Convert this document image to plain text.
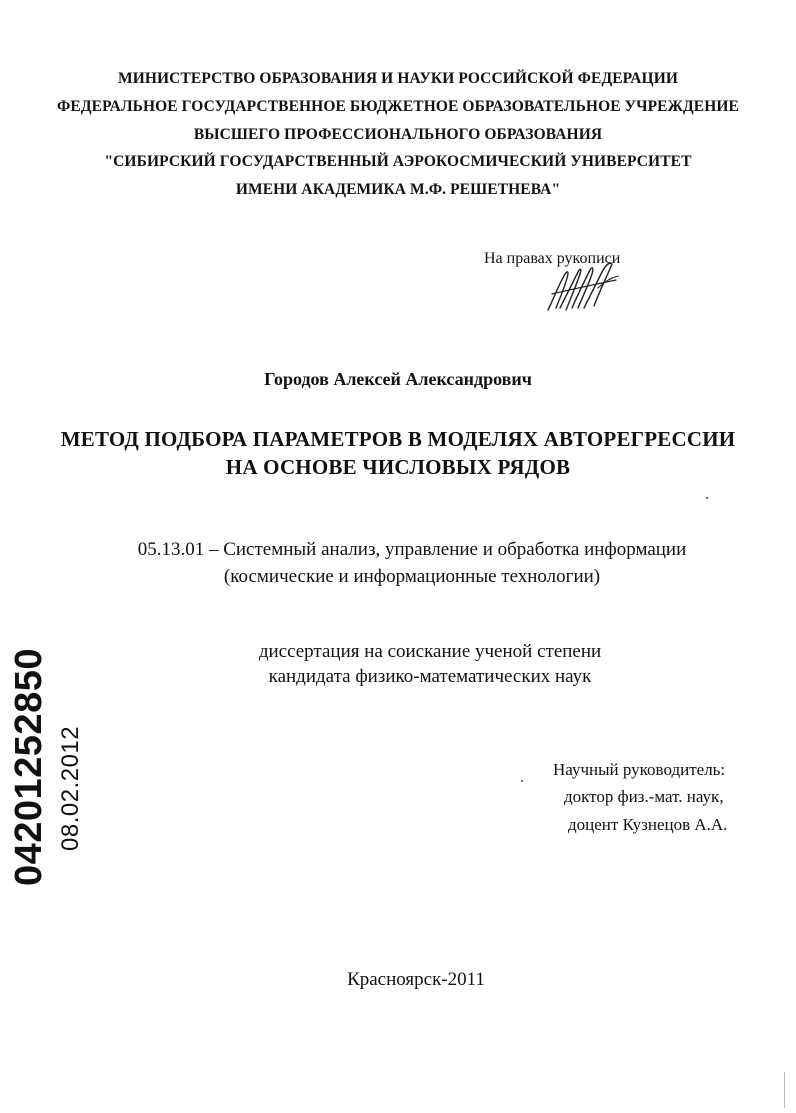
МИНИСТЕРСТВО ОБРАЗОВАНИЯ И НАУКИ РОССИЙСКОЙ ФЕДЕРАЦИИ
ФЕДЕРАЛЬНОЕ ГОСУДАРСТВЕННОЕ БЮДЖЕТНОЕ ОБРАЗОВАТЕЛЬНОЕ УЧРЕЖДЕНИЕ
ВЫСШЕГО ПРОФЕССИОНАЛЬНОГО ОБРАЗОВАНИЯ
"СИБИРСКИЙ ГОСУДАРСТВЕННЫЙ АЭРОКОСМИЧЕСКИЙ УНИВЕРСИТЕТ
ИМЕНИ АКАДЕМИКА М.Ф. РЕШЕТНЕВА"
На правах рукописи
Городов Алексей Александрович
МЕТОД ПОДБОРА ПАРАМЕТРОВ В МОДЕЛЯХ АВТОРЕГРЕССИИ
НА ОСНОВЕ ЧИСЛОВЫХ РЯДОВ
05.13.01 – Системный анализ, управление и обработка информации
(космические и информационные технологии)
диссертация на соискание ученой степени
кандидата физико-математических наук
04201252850 08.02.2012	Научный руководитель:
доктор физ.-мат. наук,
доцент Кузнецов А.А.
Красноярск-2011
